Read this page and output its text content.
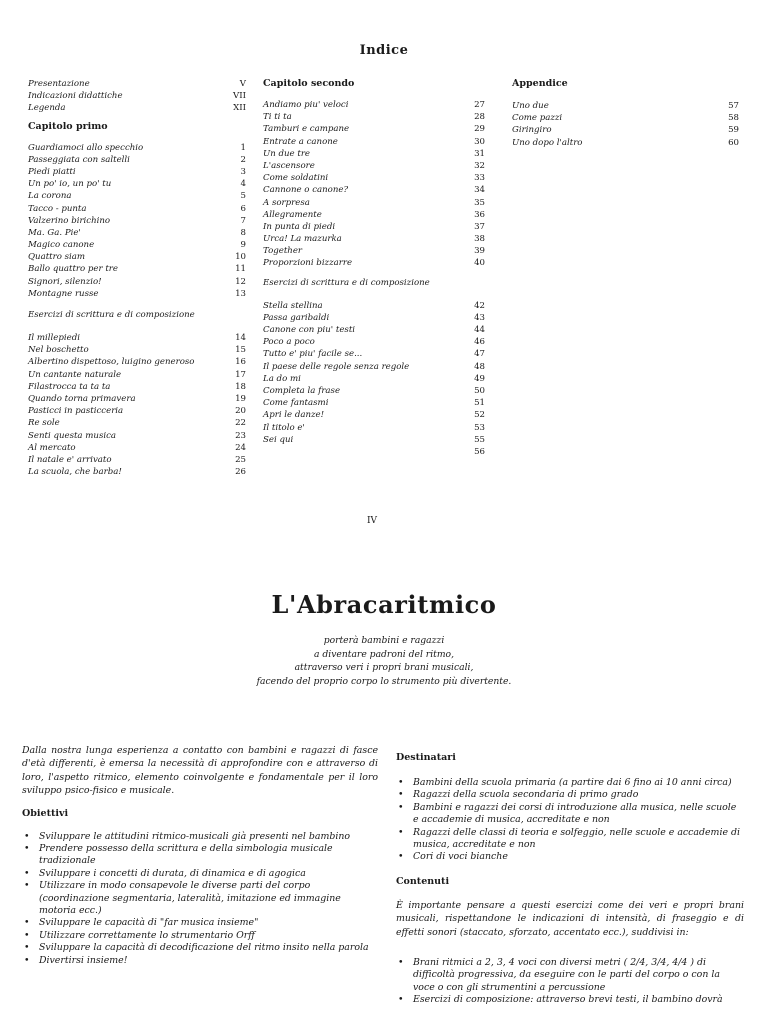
Indice
Presentazione	V
Indicazioni didattiche	VII
Legenda	XII
Capitolo primo
Guardiamoci allo specchio	1
Passeggiata con saltelli	2
Piedi piatti	3
Un po' io, un po' tu	4
La corona	5
Tacco - punta	6
Valzerino birichino	7
Ma. Ga. Pie'	8
Magico canone	9
Quattro siam	10
Ballo quattro per tre	11
Signori, silenzio!	12
Montagne russe	13
Esercizi di scrittura e di composizione
Il millepiedi	14
Nel boschetto	15
Albertino dispettoso, luigino generoso	16
Un cantante naturale	17
Filastrocca ta ta ta	18
Quando torna primavera	19
Pasticci in pasticceria	20
Re sole	22
Senti questa musica	23
Al mercato	24
Il natale e' arrivato	25
La scuola, che barba!	26
Capitolo secondo
Andiamo piu' veloci	27
Ti ti ta	28
Tamburi e campane	29
Entrate a canone	30
Un due tre	31
L'ascensore	32
Come soldatini	33
Cannone o canone?	34
A sorpresa	35
Allegramente	36
In punta di piedi	37
Urca! La mazurka	38
Together	39
Proporzioni bizzarre	40
Esercizi di scrittura e di composizione
Stella stellina	42
Passa garibaldi	43
Canone con piu' testi	44
Poco a poco	46
Tutto e' piu' facile se...	47
Il paese delle regole senza regole	48
La do mi	49
Completa la frase	50
Come fantasmi	51
Apri le danze!	52
Il titolo e'	53
Sei qui	55
56
Appendice
Uno due	57
Come pazzi	58
Giringiro	59
Uno dopo l'altro	60
IV
L'Abracaritmico
porterà bambini e ragazzi
a diventare padroni del ritmo,
attraverso veri i propri brani musicali,
facendo del proprio corpo lo strumento più divertente.
Dalla nostra lunga esperienza a contatto con bambini e ragazzi di fasce d'età differenti, è emersa la necessità di approfondire con e attraverso di loro, l'aspetto ritmico, elemento coinvolgente e fondamentale per il loro sviluppo psico-fisico e musicale.
Obiettivi
• Sviluppare le attitudini ritmico-musicali già presenti nel bambino
• Prendere possesso della scrittura e della simbologia musicale tradizionale
• Sviluppare i concetti di durata, di dinamica e di agogica
• Utilizzare in modo consapevole le diverse parti del corpo (coordinazione segmentaria, lateralità, imitazione ed immagine motoria ecc.)
• Sviluppare le capacità di "far musica insieme"
• Utilizzare correttamente lo strumentario Orff
• Sviluppare la capacità di decodificazione del ritmo insito nella parola
• Divertirsi insieme!
Destinatari
• Bambini della scuola primaria (a partire dai 6 fino ai 10 anni circa)
• Ragazzi della scuola secondaria di primo grado
• Bambini e ragazzi dei corsi di introduzione alla musica, nelle scuole e accademie di musica, accreditate e non
• Ragazzi delle classi di teoria e solfeggio, nelle scuole e accademie di musica, accreditate e non
• Cori di voci bianche
Contenuti
È importante pensare a questi esercizi come dei veri e propri brani musicali, rispettandone le indicazioni di intensità, di fraseggio e di effetti sonori (staccato, sforzato, accentato ecc.), suddivisi in:
• Brani ritmici a 2, 3, 4 voci con diversi metri ( 2/4, 3/4, 4/4 ) di difficoltà progressiva, da eseguire con le parti del corpo o con la voce o con gli strumentini a percussione
• Esercizi di composizione: attraverso brevi testi, il bambino dovrà
